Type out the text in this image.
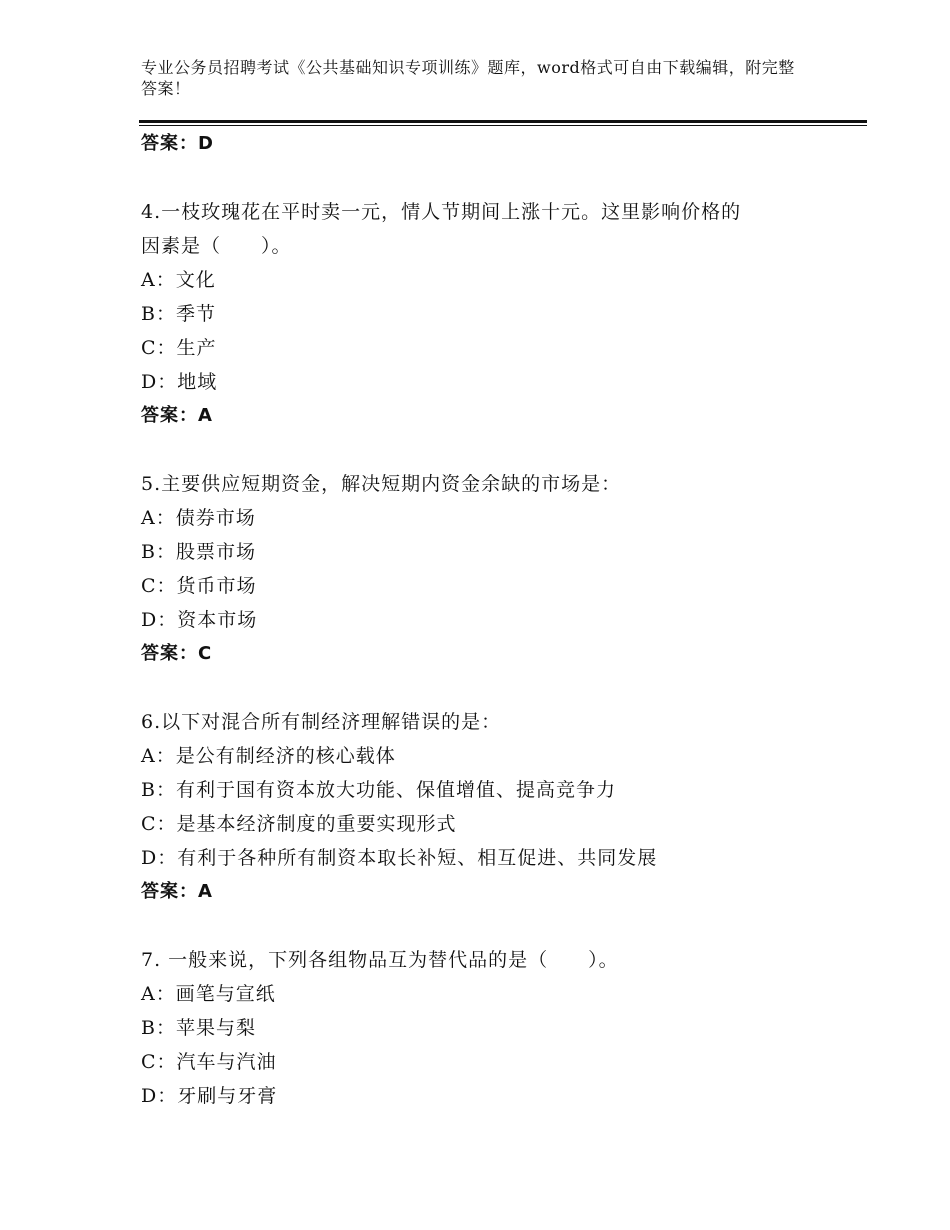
专业公务员招聘考试《公共基础知识专项训练》题库，word格式可自由下载编辑，附完整答案！
答案：D
4.一枝玫瑰花在平时卖一元，情人节期间上涨十元。这里影响价格的
因素是（　　）。
A：文化
B：季节
C：生产
D：地域
答案：A
5.主要供应短期资金，解决短期内资金余缺的市场是：
A：债券市场
B：股票市场
C：货币市场
D：资本市场
答案：C
6.以下对混合所有制经济理解错误的是：
A：是公有制经济的核心载体
B：有利于国有资本放大功能、保值增值、提高竞争力
C：是基本经济制度的重要实现形式
D：有利于各种所有制资本取长补短、相互促进、共同发展
答案：A
7. 一般来说，下列各组物品互为替代品的是（　　）。
A：画笔与宣纸
B：苹果与梨
C：汽车与汽油
D：牙刷与牙膏
